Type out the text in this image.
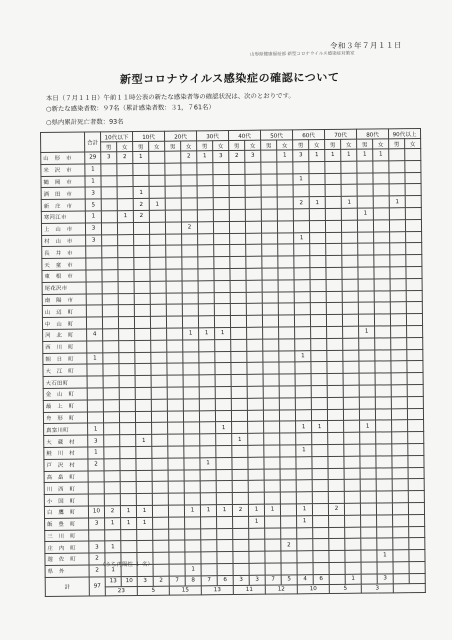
令和３年７月１１日
山形県健康福祉部 新型コロナウイルス感染症対策室
新型コロナウイルス感染症の確認について
本日（７月１１日）午前１１時公表の新たな感染者等の確認状況は、次のとおりです。
○新たな感染者数：９7名（累計感染者数：３1，７61名）
○県内累計死亡者数：93名
	合計	10代以下		10代		20代		30代		40代		50代		60代		70代		80代		90代以上	
		男	女	男	女	男	女	男	女	男	女	男	女	男	女	男	女	男	女	男	女
山　形　市	29	3	2	1			2	1	3	2	3		1	3	1	1	1	1	1		
米　沢　市	1																				
鶴　岡　市	1													1							
酒　田　市	3			1																	
新　庄　市	5			2	1									2	1		1			1	
寒河江市	1		1	2														1			
上　山　市	3						2														
村　山　市	3													1							
長　井　市																					
天　童　市																					
東　根　市																					
尾花沢市																					
南　陽　市																					
山　辺　町																					
中　山　町																					
河　北　町	4						1	1	1									1			
西　川　町																					
朝　日　町	1													1							
大　江　町																					
大石田町																					
金　山　町																					
最　上　町																					
舟　形　町																					
真室川町	1								1					1	1			1			
大　蔵　村	3			1						1											
鮭　川　村	1													1							
戸　沢　村	2							1													
高　畠　町																					
川　西　町																					
小　国　町																					
白　鷹　町	10	2	1	1			1	1	1	2	1	1		1		2					
飯　豊　町	3	1	1	1							1			1							
三　川　町																					
庄　内　町	3	1											2								
遊　佐　町	2																		1		
県　外	2	1					1														
計	97	13	10	3	2	7	8	7	6	3	3	7	5	4	6		1		3		
		23		5		15		13		11		12		10		5		3			
（うち再陽性 １ 名）
